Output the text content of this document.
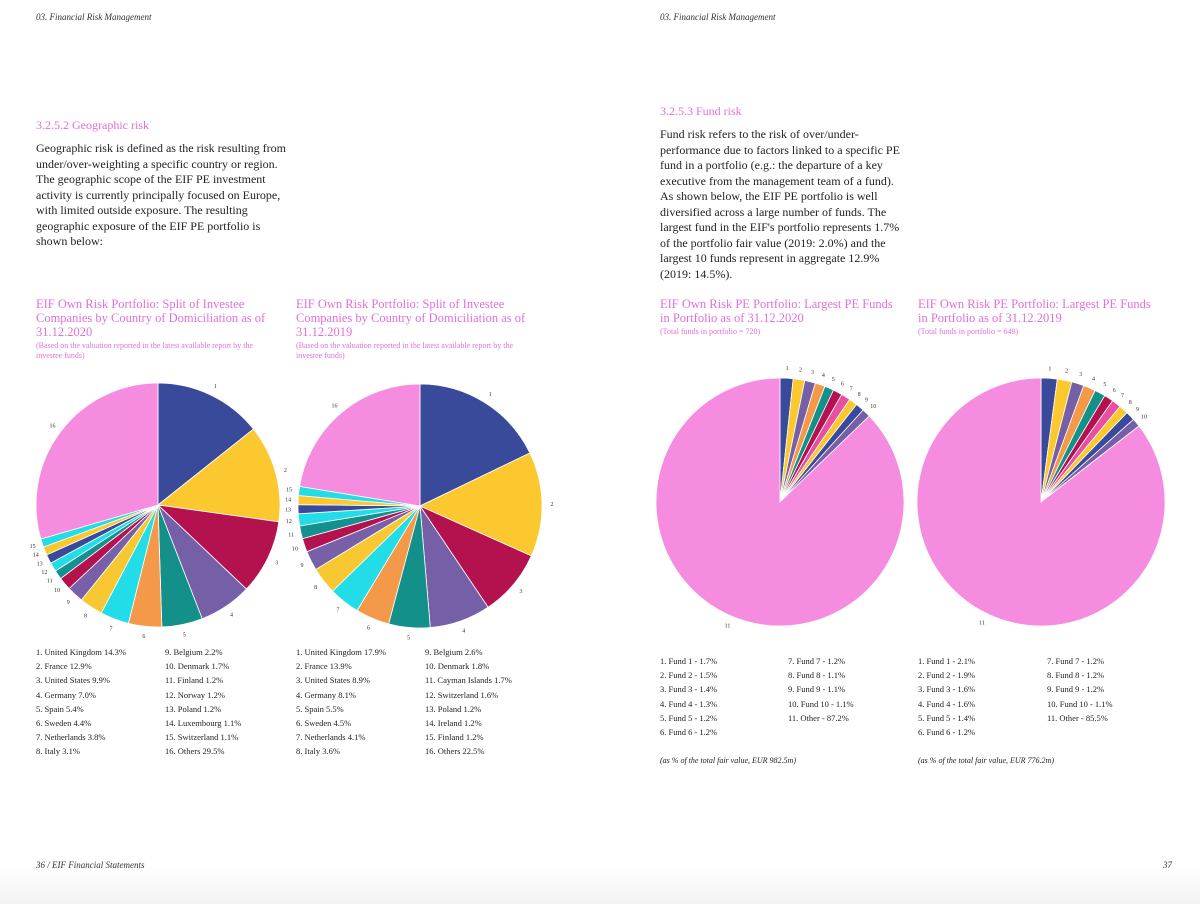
03. Financial Risk Management	03. Financial Risk Management
3.2.5.2 Geographic risk
Geographic risk is defined as the risk resulting from under/over-weighting a specific country or region. The geographic scope of the EIF PE investment activity is currently principally focused on Europe, with limited outside exposure. The resulting geographic exposure of the EIF PE portfolio is shown below:
3.2.5.3 Fund risk
Fund risk refers to the risk of over/under-performance due to factors linked to a specific PE fund in a portfolio (e.g.: the departure of a key executive from the management team of a fund). As shown below, the EIF PE portfolio is well diversified across a large number of funds. The largest fund in the EIF's portfolio represents 1.7% of the portfolio fair value (2019: 2.0%) and the largest 10 funds represent in aggregate 12.9% (2019: 14.5%).
EIF Own Risk Portfolio: Split of Investee Companies by Country of Domiciliation as of 31.12.2020
(Based on the valuation reported in the latest available report by the investee funds)
1
2
3
4
5
6
7
8
9
10
11
12
13
14
15
16
1. United Kingdom 14.3%
2. France 12.9%
3. United States 9.9%
4. Germany 7.0%
5. Spain 5.4%
6. Sweden 4.4%
7. Netherlands 3.8%
8. Italy 3.1%
9. Belgium 2.2%
10. Denmark 1.7%
11. Finland 1.2%
12. Norway 1.2%
13. Poland 1.2%
14. Luxembourg 1.1%
15. Switzerland 1.1%
16. Others 29.5%
EIF Own Risk Portfolio: Split of Investee Companies by Country of Domiciliation as of 31.12.2019
(Based on the valuation reported in the latest available report by the investee funds)
1
2
3
4
5
6
7
8
9
10
11
12
13
14
15
16
1. United Kingdom 17.9%
2. France 13.9%
3. United States 8.9%
4. Germany 8.1%
5. Spain 5.5%
6. Sweden 4.5%
7. Netherlands 4.1%
8. Italy 3.6%
9. Belgium 2.6%
10. Denmark 1.8%
11. Cayman Islands 1.7%
12. Switzerland 1.6%
13. Poland 1.2%
14. Ireland 1.2%
15. Finland 1.2%
16. Others 22.5%
EIF Own Risk PE Portfolio: Largest PE Funds in Portfolio as of 31.12.2020
(Total funds in portfolio = 720)
1 2 3
4
5
6
7
8
9
10
11
1. Fund 1 - 1.7%
2. Fund 2 - 1.5%
3. Fund 3 - 1.4%
4. Fund 4 - 1.3%
5. Fund 5 - 1.2%
6. Fund 6 - 1.2%
7. Fund 7 - 1.2%
8. Fund 8 - 1.1%
9. Fund 9 - 1.1%
10. Fund 10 - 1.1%
11. Other - 87.2%
(as % of the total fair value, EUR 982.5m)
EIF Own Risk PE Portfolio: Largest PE Funds in Portfolio as of 31.12.2019
(Total funds in portfolio = 649)
1 2
3
4
5
6
7
8
9
10
11
1. Fund 1 - 2.1%
2. Fund 2 - 1.9%
3. Fund 3 - 1.6%
4. Fund 4 - 1.6%
5. Fund 5 - 1.4%
6. Fund 6 - 1.2%
7. Fund 7 - 1.2%
8. Fund 8 - 1.2%
9. Fund 9 - 1.2%
10. Fund 10 - 1.1%
11. Other - 85.5%
(as % of the total fair value, EUR 776.2m)
36 / EIF Financial Statements	37
